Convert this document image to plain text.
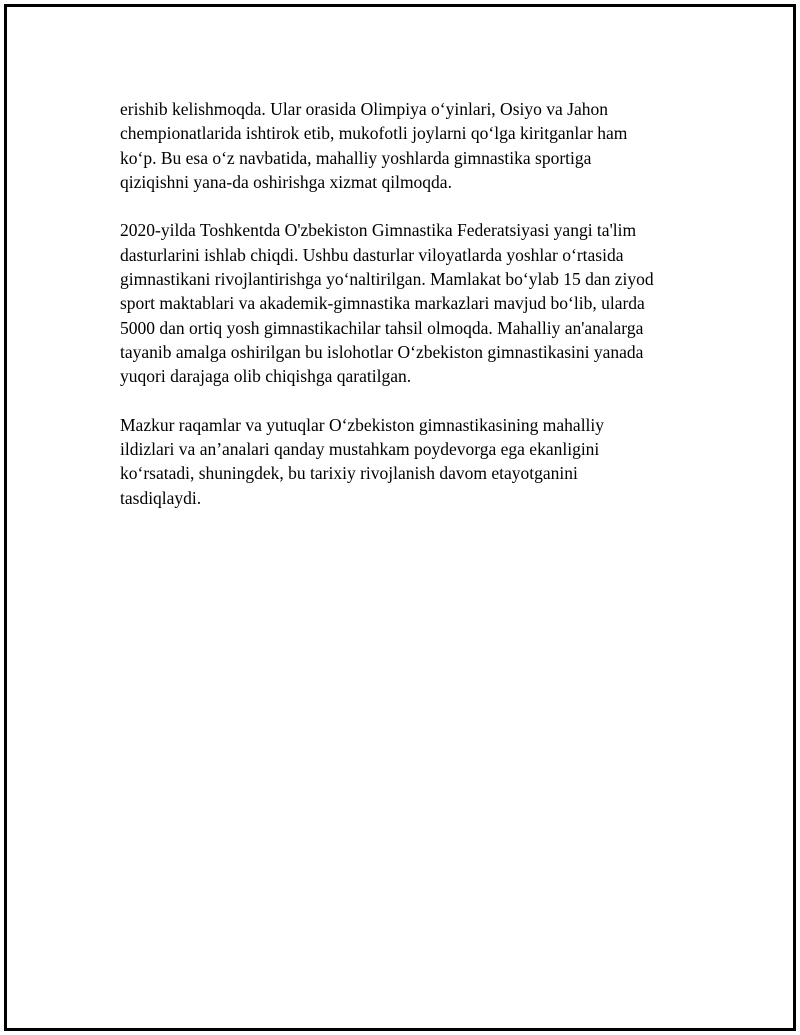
erishib kelishmoqda. Ular orasida Olimpiya oʻyinlari, Osiyo va Jahon
chempionatlarida ishtirok etib, mukofotli joylarni qoʻlga kiritganlar ham
koʻp. Bu esa oʻz navbatida, mahalliy yoshlarda gimnastika sportiga
qiziqishni yana-da oshirishga xizmat qilmoqda.

2020-yilda Toshkentda O'zbekiston Gimnastika Federatsiyasi yangi ta'lim
dasturlarini ishlab chiqdi. Ushbu dasturlar viloyatlarda yoshlar oʻrtasida
gimnastikani rivojlantirishga yoʻnaltirilgan. Mamlakat boʻylab 15 dan ziyod
sport maktablari va akademik-gimnastika markazlari mavjud boʻlib, ularda
5000 dan ortiq yosh gimnastikachilar tahsil olmoqda. Mahalliy an'analarga
tayanib amalga oshirilgan bu islohotlar Oʻzbekiston gimnastikasini yanada
yuqori darajaga olib chiqishga qaratilgan.

Mazkur raqamlar va yutuqlar Oʻzbekiston gimnastikasining mahalliy
ildizlari va an’analari qanday mustahkam poydevorga ega ekanligini
koʻrsatadi, shuningdek, bu tarixiy rivojlanish davom etayotganini
tasdiqlaydi.
